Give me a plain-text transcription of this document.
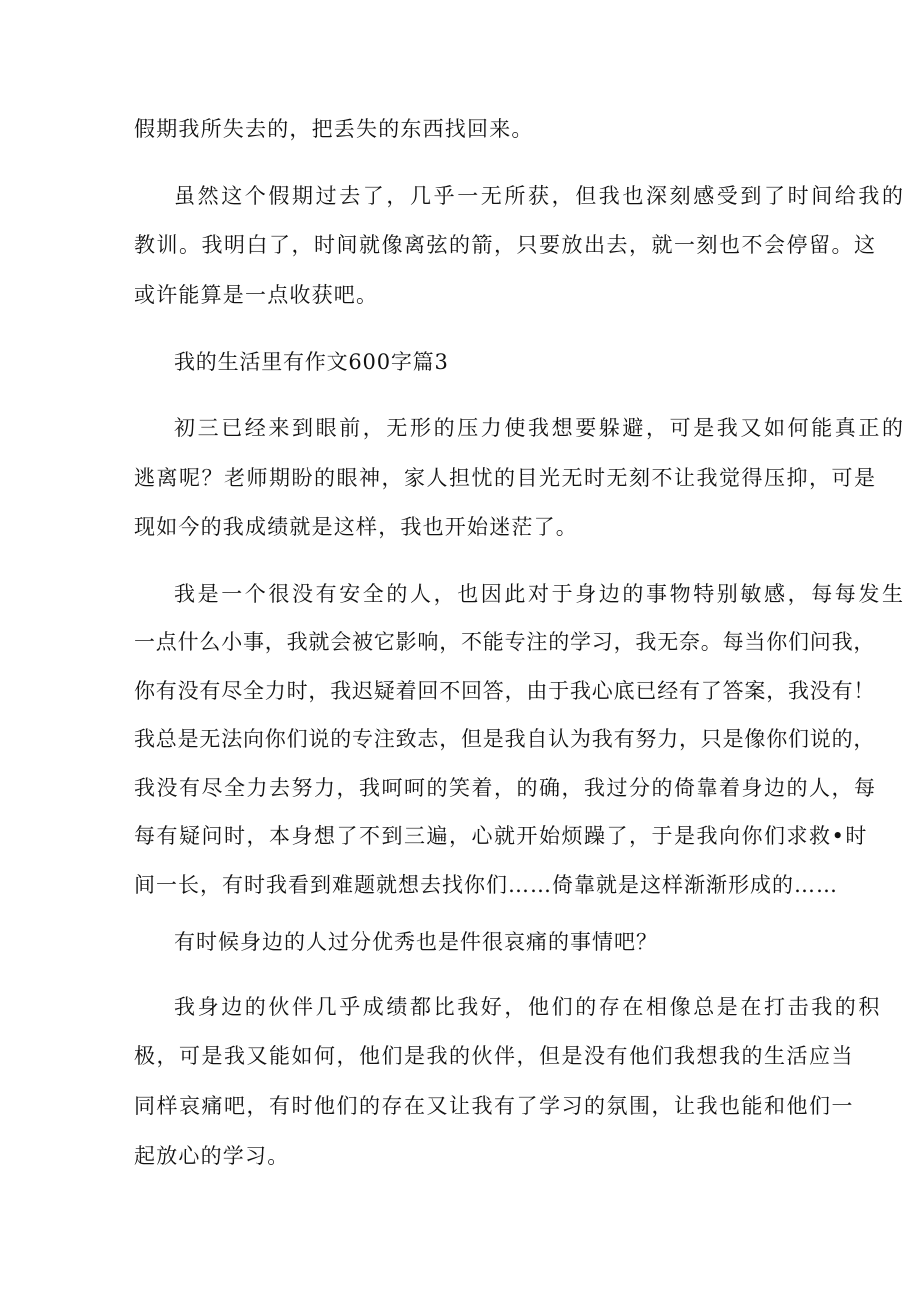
假期我所失去的，把丢失的东西找回来。
虽然这个假期过去了，几乎一无所获，但我也深刻感受到了时间给我的
教训。我明白了，时间就像离弦的箭，只要放出去，就一刻也不会停留。这
或许能算是一点收获吧。
我的生活里有作文600字篇3
初三已经来到眼前，无形的压力使我想要躲避，可是我又如何能真正的
逃离呢？老师期盼的眼神，家人担忧的目光无时无刻不让我觉得压抑，可是
现如今的我成绩就是这样，我也开始迷茫了。
我是一个很没有安全的人，也因此对于身边的事物特别敏感，每每发生
一点什么小事，我就会被它影响，不能专注的学习，我无奈。每当你们问我，
你有没有尽全力时，我迟疑着回不回答，由于我心底已经有了答案，我没有！
我总是无法向你们说的专注致志，但是我自认为我有努力，只是像你们说的，
我没有尽全力去努力，我呵呵的笑着，的确，我过分的倚靠着身边的人，每
每有疑问时，本身想了不到三遍，心就开始烦躁了，于是我向你们求救•时
间一长，有时我看到难题就想去找你们……倚靠就是这样渐渐形成的……
有时候身边的人过分优秀也是件很哀痛的事情吧？
我身边的伙伴几乎成绩都比我好，他们的存在相像总是在打击我的积
极，可是我又能如何，他们是我的伙伴，但是没有他们我想我的生活应当
同样哀痛吧，有时他们的存在又让我有了学习的氛围，让我也能和他们一
起放心的学习。
